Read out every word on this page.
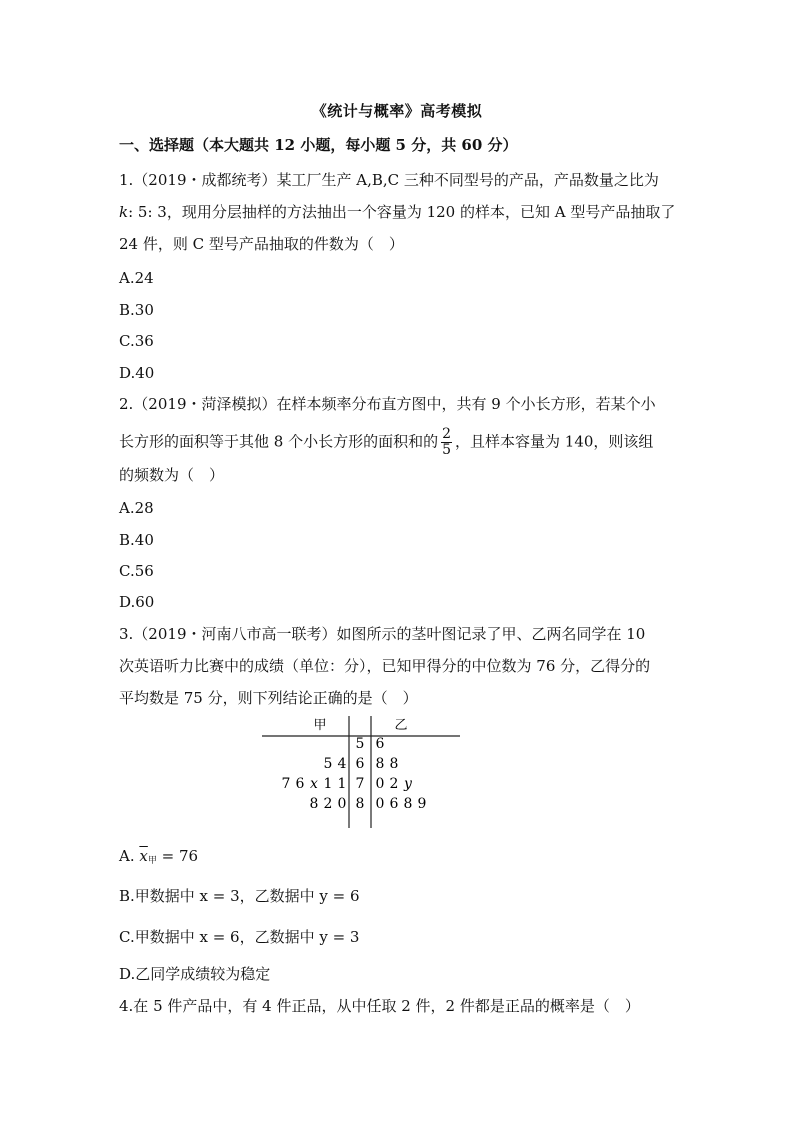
《统计与概率》高考模拟
一、选择题（本大题共 12 小题，每小题 5 分，共 60 分）
1.（2019・成都统考）某工厂生产 A,B,C 三种不同型号的产品，产品数量之比为
k: 5: 3，现用分层抽样的方法抽出一个容量为 120 的样本，已知 A 型号产品抽取了
24 件，则 C 型号产品抽取的件数为（　）
A.24
B.30
C.36
D.40
2.（2019・菏泽模拟）在样本频率分布直方图中，共有 9 个小长方形，若某个小
长方形的面积等于其他 8 个小长方形的面积和的 $\frac{2}{5}$ ，且样本容量为 140，则该组
的频数为（　）
A.28
B.40
C.56
D.60
3.（2019・河南八市高一联考）如图所示的茎叶图记录了甲、乙两名同学在 10
次英语听力比赛中的成绩（单位：分），已知甲得分的中位数为 76 分，乙得分的
平均数是 75 分，则下列结论正确的是（　）
甲	乙
5 6
6
5 4 8 8
7
7 6 x 1 1 0 2 y
8
8 2 0 0 6 8 9
A. $\overline{x}_甲 = 76$
B.甲数据中 x = 3，乙数据中 y = 6
C.甲数据中 x = 6，乙数据中 y = 3
D.乙同学成绩较为稳定
4.在 5 件产品中，有 4 件正品，从中任取 2 件，2 件都是正品的概率是（　）
